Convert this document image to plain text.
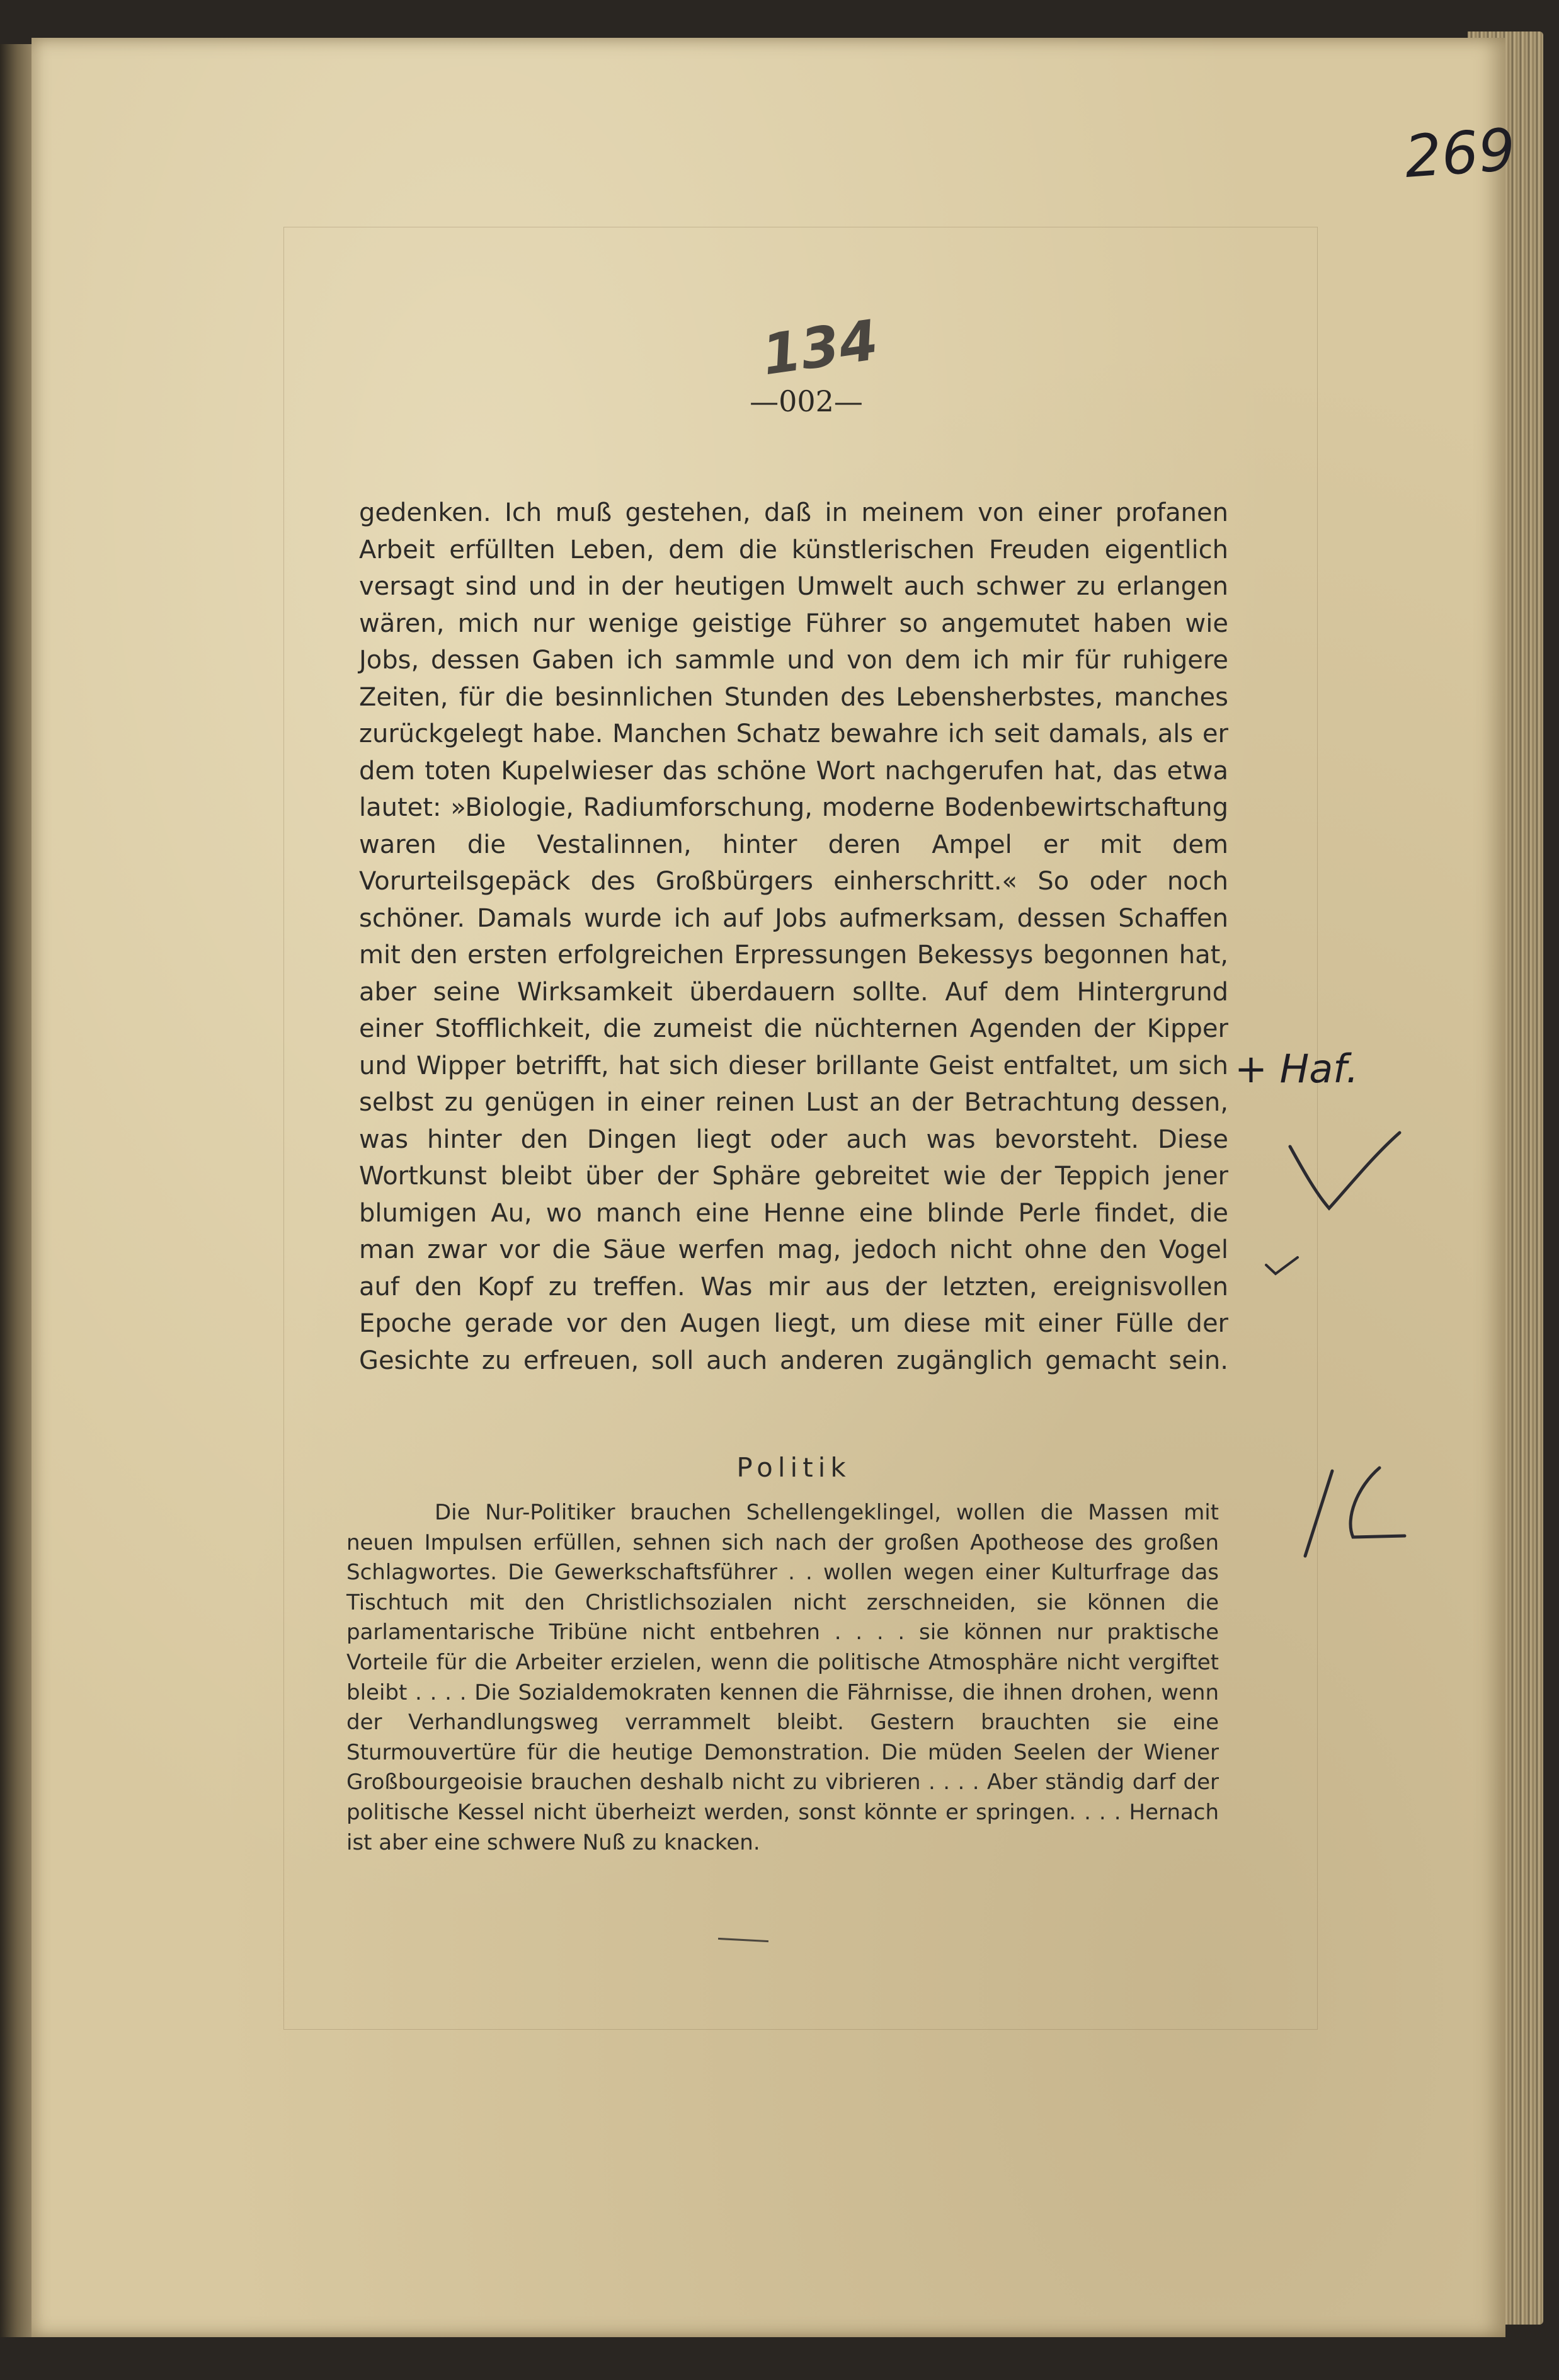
269
134
—002—

gedenken. Ich muß gestehen, daß in meinem von einer profanen Arbeit erfüllten Leben, dem die künstlerischen Freuden eigentlich versagt sind und in der heutigen Umwelt auch schwer zu erlangen wären, mich nur wenige geistige Führer so angemutet haben wie Jobs, dessen Gaben ich sammle und von dem ich mir für ruhigere Zeiten, für die besinnlichen Stunden des Lebensherbstes, manches zurückgelegt habe. Manchen Schatz bewahre ich seit damals, als er dem toten Kupelwieser das schöne Wort nachgerufen hat, das etwa lautet: »Biologie, Radiumforschung, moderne Bodenbewirtschaftung waren die Vestalinnen, hinter deren Ampel er mit dem Vorurteilsgepäck des Großbürgers einherschritt.« So oder noch schöner. Damals wurde ich auf Jobs aufmerksam, dessen Schaffen mit den ersten erfolgreichen Erpressungen Bekessys begonnen hat, aber seine Wirksamkeit überdauern sollte. Auf dem Hintergrund einer Stofflichkeit, die zumeist die nüchternen Agenden der Kipper und Wipper betrifft, hat sich dieser brillante Geist entfaltet, um sich selbst zu genügen in einer reinen Lust an der Betrachtung dessen, was hinter den Dingen liegt oder auch was bevorsteht. Diese Wortkunst bleibt über der Sphäre gebreitet wie der Teppich jener blumigen Au, wo manch eine Henne eine blinde Perle findet, die man zwar vor die Säue werfen mag, jedoch nicht ohne den Vogel auf den Kopf zu treffen. Was mir aus der letzten, ereignisvollen Epoche gerade vor den Augen liegt, um diese mit einer Fülle der Gesichte zu erfreuen, soll auch anderen zugänglich gemacht sein.

+ Haf.
Politik

Die Nur-Politiker brauchen Schellengeklingel, wollen die Massen mit neuen Impulsen erfüllen, sehnen sich nach der großen Apotheose des großen Schlagwortes. Die Gewerkschaftsführer . . wollen wegen einer Kulturfrage das Tischtuch mit den Christlichsozialen nicht zerschneiden, sie können die parlamentarische Tribüne nicht entbehren . . . . sie können nur praktische Vorteile für die Arbeiter erzielen, wenn die politische Atmosphäre nicht vergiftet bleibt . . . . Die Sozialdemokraten kennen die Fährnisse, die ihnen drohen, wenn der Verhandlungsweg verrammelt bleibt. Gestern brauchten sie eine Sturmouvertüre für die heutige Demonstration. Die müden Seelen der Wiener Großbourgeoisie brauchen deshalb nicht zu vibrieren . . . . Aber ständig darf der politische Kessel nicht überheizt werden, sonst könnte er springen. . . . Hernach ist aber eine schwere Nuß zu knacken.
